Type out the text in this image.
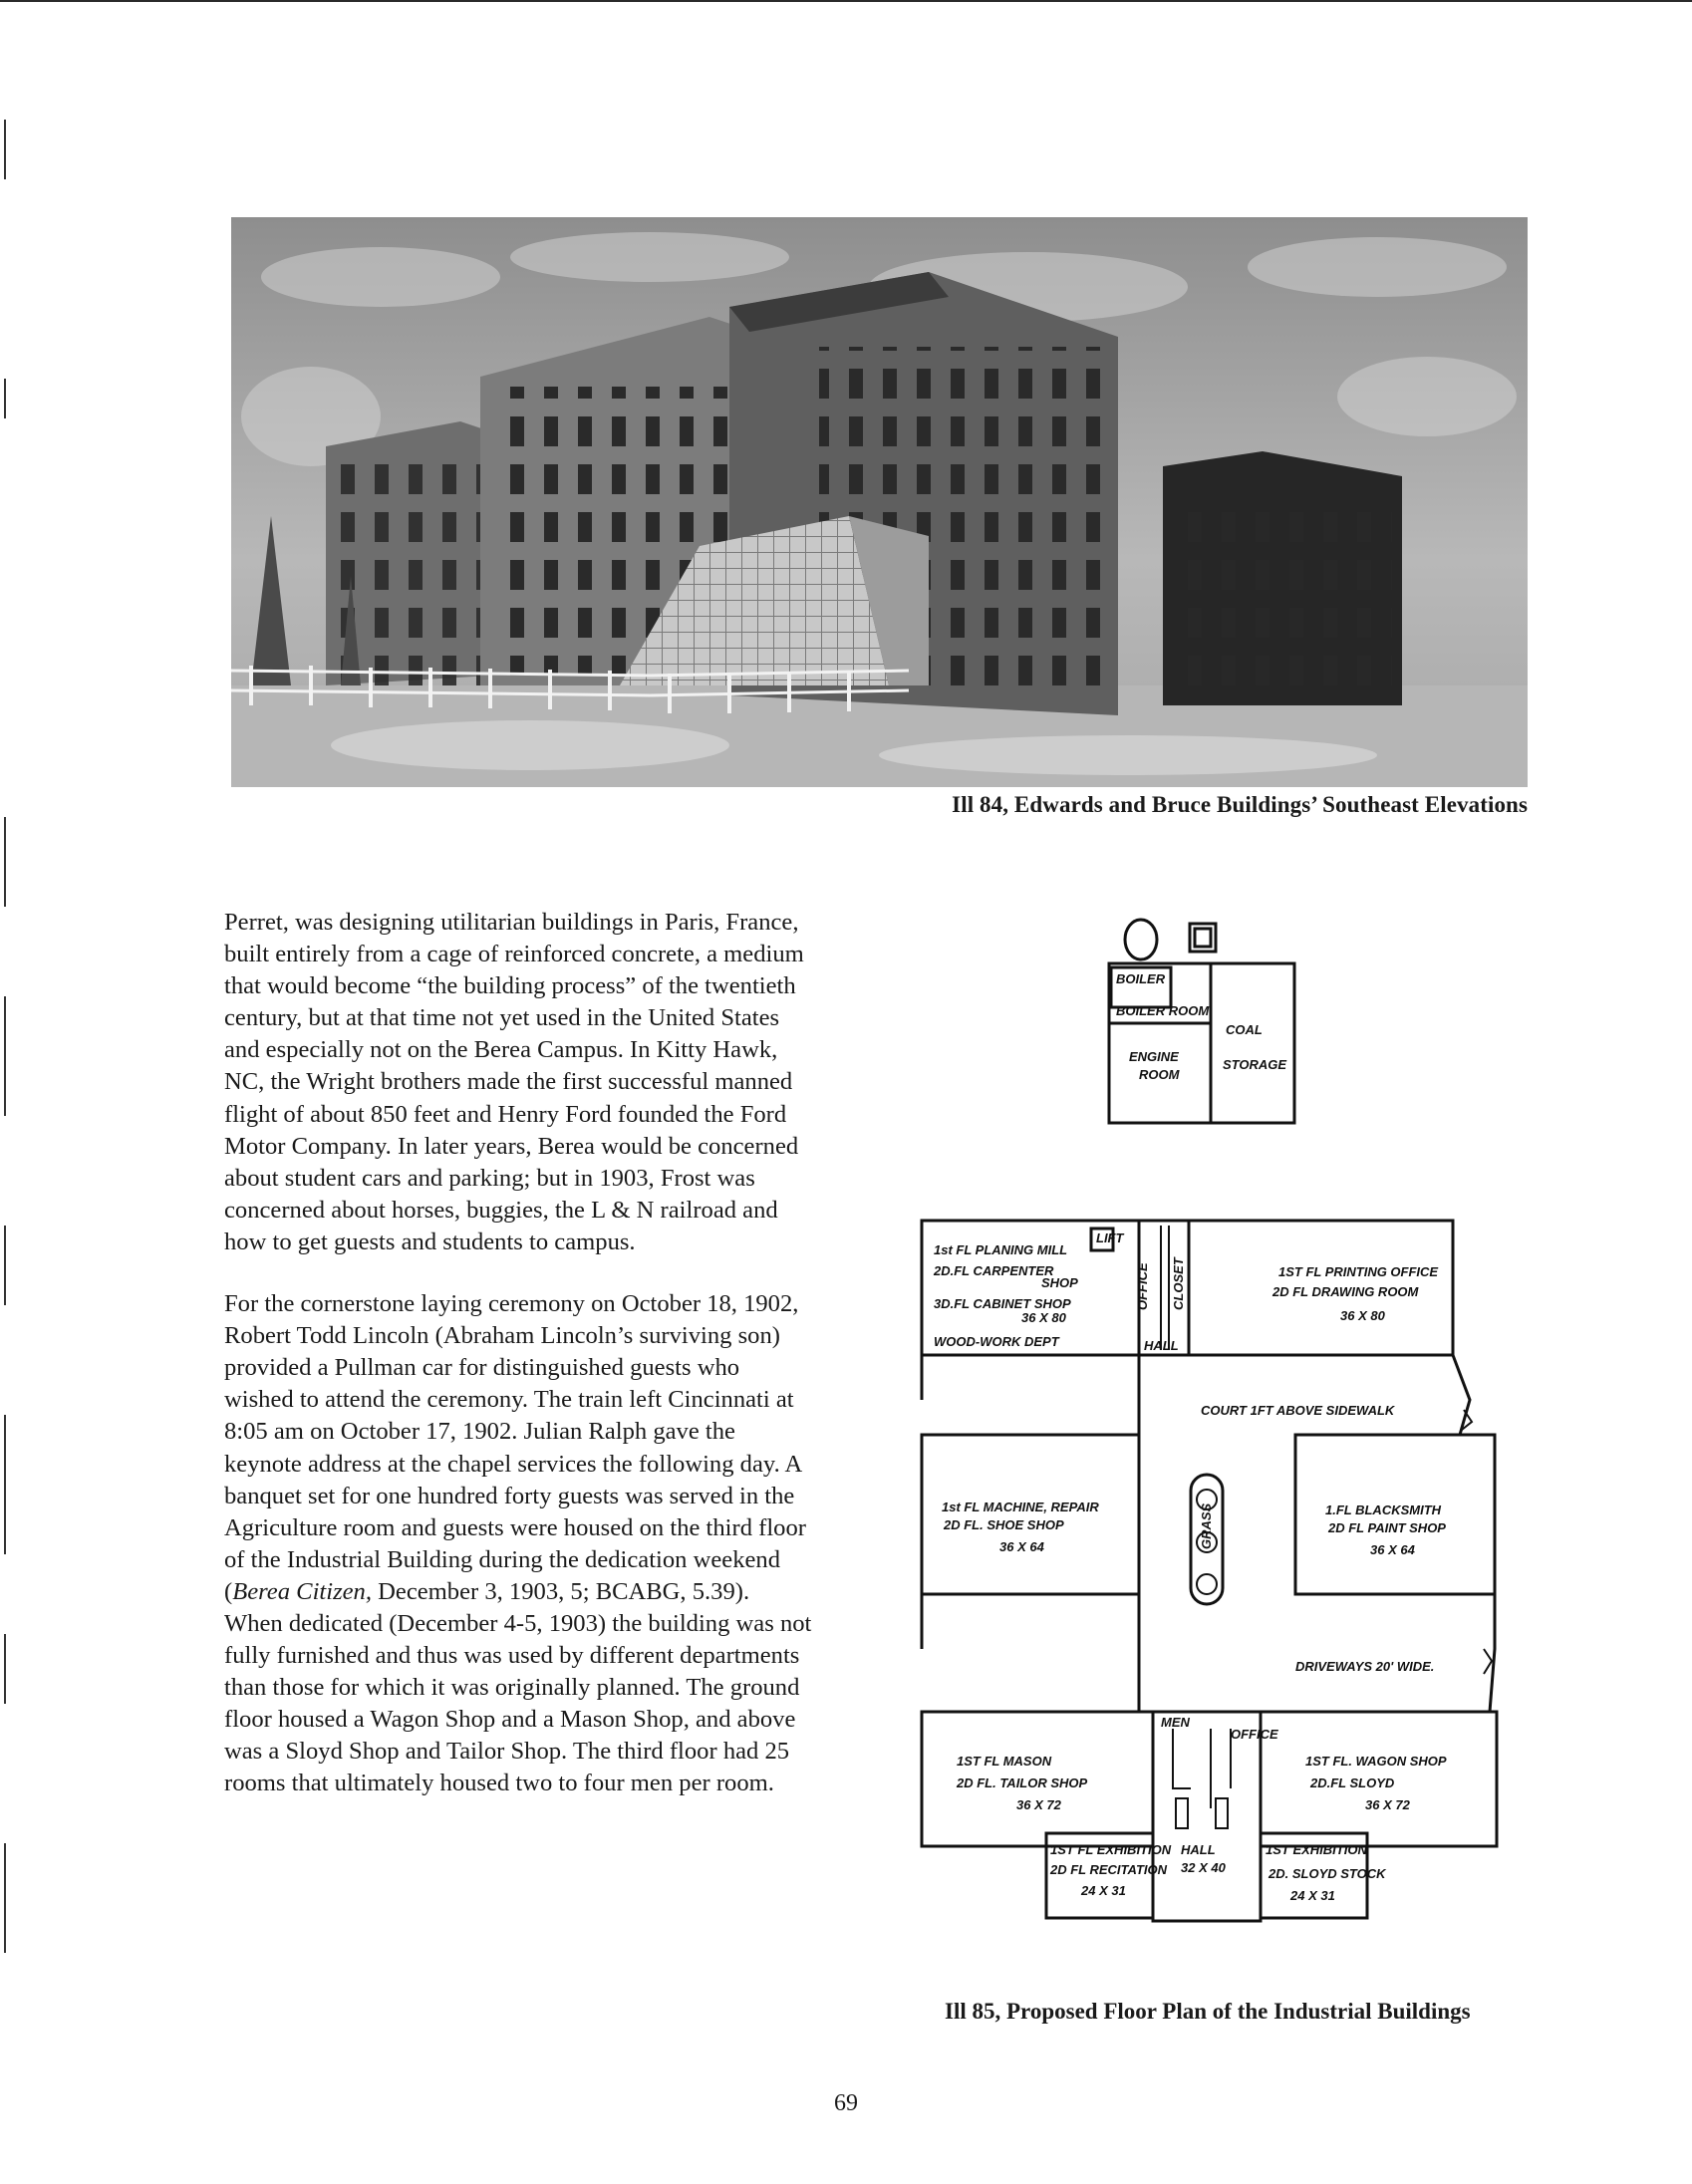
Ill 84, Edwards and Bruce Buildings’ Southeast Elevations

Perret, was designing utilitarian buildings in Paris, France, built entirely from a cage of reinforced concrete, a medium that would become “the building process” of the twentieth century, but at that time not yet used in the United States and especially not on the Berea Campus. In Kitty Hawk, NC, the Wright brothers made the first successful manned flight of about 850 feet and Henry Ford founded the Ford Motor Company. In later years, Berea would be concerned about student cars and parking; but in 1903, Frost was concerned about horses, buggies, the L & N railroad and how to get guests and students to campus.

For the cornerstone laying ceremony on October 18, 1902, Robert Todd Lincoln (Abraham Lincoln’s surviving son) provided a Pullman car for distinguished guests who wished to attend the ceremony. The train left Cincinnati at 8:05 am on October 17, 1902. Julian Ralph gave the keynote address at the chapel services the following day. A banquet set for one hundred forty guests was served in the Agriculture room and guests were housed on the third floor of the Industrial Building during the dedication weekend (Berea Citizen, December 3, 1903, 5; BCABG, 5.39). When dedicated (December 4-5, 1903) the building was not fully furnished and thus was used by different departments than those for which it was originally planned. The ground floor housed a Wagon Shop and a Mason Shop, and above was a Sloyd Shop and Tailor Shop. The third floor had 25 rooms that ultimately housed two to four men per room.

BOILER
BOILER ROOM
COAL
STORAGE
ENGINE
ROOM
1st FL PLANING MILL
LIFT
2D.FL CARPENTER
SHOP
3D.FL CABINET SHOP
36 X 80
WOOD-WORK DEPT
OFFICE CLOSET
HALL
1ST FL PRINTING OFFICE
2D FL DRAWING ROOM
36 X 80
COURT 1FT ABOVE SIDEWALK
1st FL MACHINE, REPAIR
2D FL. SHOE SHOP
36 X 64	GRASS	1.FL BLACKSMITH
2D FL PAINT SHOP
36 X 64
DRIVEWAYS 20' WIDE.
MEN
OFFICE
1ST FL MASON
2D FL. TAILOR SHOP
36 X 72
1ST FL. WAGON SHOP
2D.FL SLOYD
36 X 72
HALL
32 X 40
1ST FL EXHIBITION
2D FL RECITATION
24 X 31
1ST EXHIBITION
2D. SLOYD STOCK
24 X 31
Ill 85, Proposed Floor Plan of the Industrial Buildings
69
